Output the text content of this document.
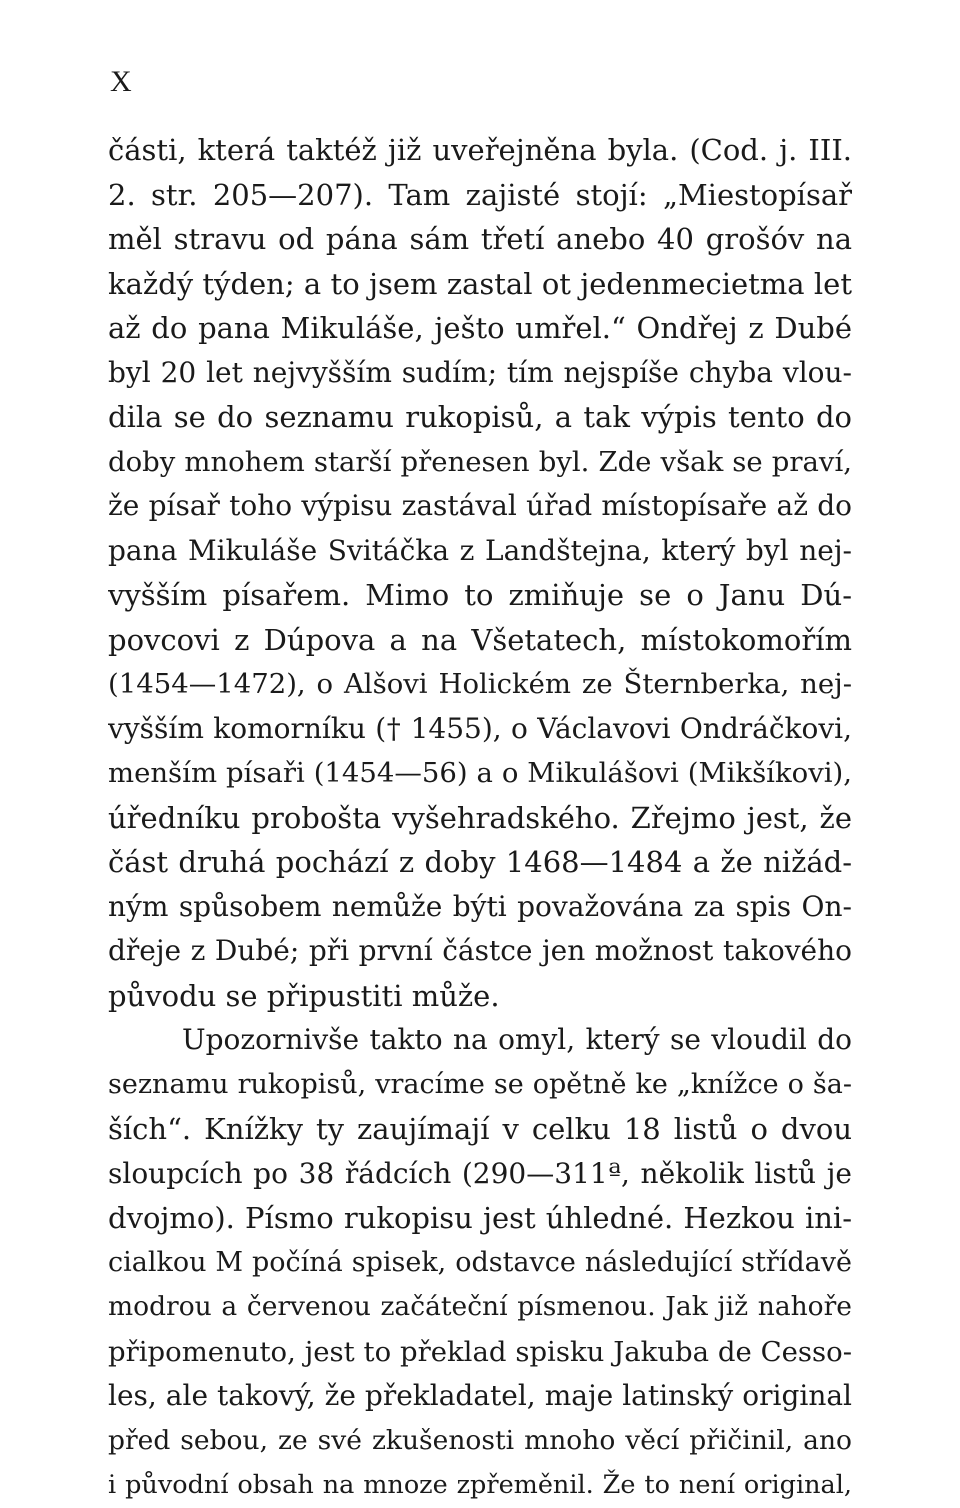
X
části, která taktéž již uveřejněna byla. (Cod. j. III.
2. str. 205—207). Tam zajisté stojí: „Miestopísař
měl stravu od pána sám třetí anebo 40 grošóv na
každý týden; a to jsem zastal ot jedenmecietma let
až do pana Mikuláše, ješto umřel.“ Ondřej z Dubé
byl 20 let nejvyšším sudím; tím nejspíše chyba vlou-
dila se do seznamu rukopisů, a tak výpis tento do
doby mnohem starší přenesen byl. Zde však se praví,
že písař toho výpisu zastával úřad místopísaře až do
pana Mikuláše Svitáčka z Landštejna, který byl nej-
vyšším písařem. Mimo to zmiňuje se o Janu Dú-
povcovi z Dúpova a na Všetatech, místokomořím
(1454—1472), o Alšovi Holickém ze Šternberka, nej-
vyšším komorníku († 1455), o Václavovi Ondráčkovi,
menším písaři (1454—56) a o Mikulášovi (Mikšíkovi),
úředníku probošta vyšehradského. Zřejmo jest, že
část druhá pochází z doby 1468—1484 a že nižád-
ným spůsobem nemůže býti považována za spis On-
dřeje z Dubé; při první částce jen možnost takového
původu se připustiti může.
Upozornivše takto na omyl, který se vloudil do
seznamu rukopisů, vracíme se opětně ke „knížce o ša-
ších“. Knížky ty zaujímají v celku 18 listů o dvou
sloupcích po 38 řádcích (290—311ª, několik listů je
dvojmo). Písmo rukopisu jest úhledné. Hezkou ini-
cialkou M počíná spisek, odstavce následující střídavě
modrou a červenou začáteční písmenou. Jak již nahoře
připomenuto, jest to překlad spisku Jakuba de Cesso-
les, ale takový, že překladatel, maje latinský original
před sebou, ze své zkušenosti mnoho věcí přičinil, ano
i původní obsah na mnoze zpřeměnil. Že to není original,
